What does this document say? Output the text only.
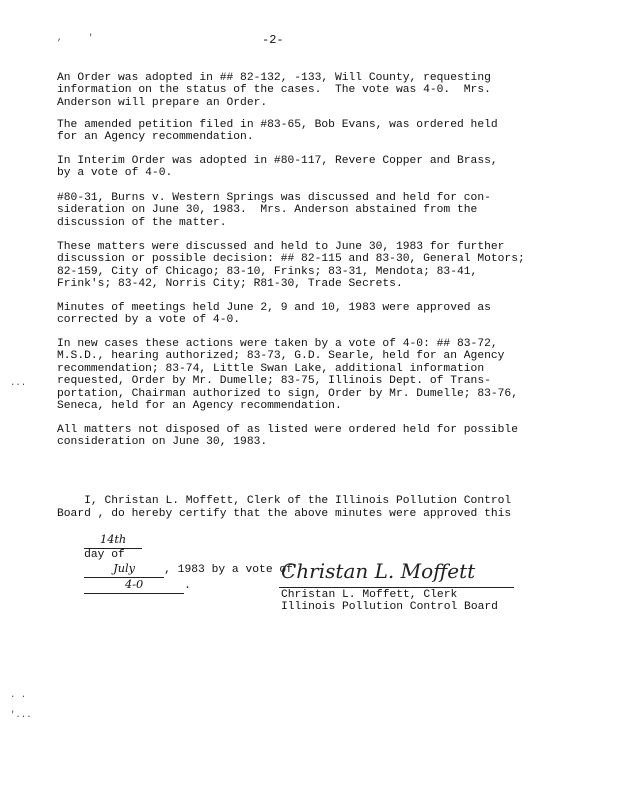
,	'
...
. .
'...
-2-
An Order was adopted in ## 82-132, -133, Will County, requesting
information on the status of the cases.  The vote was 4-0.  Mrs.
Anderson will prepare an Order.
The amended petition filed in #83-65, Bob Evans, was ordered held
for an Agency recommendation.
In Interim Order was adopted in #80-117, Revere Copper and Brass,
by a vote of 4-0.
#80-31, Burns v. Western Springs was discussed and held for con-
sideration on June 30, 1983.  Mrs. Anderson abstained from the
discussion of the matter.
These matters were discussed and held to June 30, 1983 for further
discussion or possible decision: ## 82-115 and 83-30, General Motors;
82-159, City of Chicago; 83-10, Frinks; 83-31, Mendota; 83-41,
Frink's; 83-42, Norris City; R81-30, Trade Secrets.
Minutes of meetings held June 2, 9 and 10, 1983 were approved as
corrected by a vote of 4-0.
In new cases these actions were taken by a vote of 4-0: ## 83-72,
M.S.D., hearing authorized; 83-73, G.D. Searle, held for an Agency
recommendation; 83-74, Little Swan Lake, additional information
requested, Order by Mr. Dumelle; 83-75, Illinois Dept. of Trans-
portation, Chairman authorized to sign, Order by Mr. Dumelle; 83-76,
Seneca, held for an Agency recommendation.
All matters not disposed of as listed were ordered held for possible
consideration on June 30, 1983.
I, Christan L. Moffett, Clerk of the Illinois Pollution Control
Board , do hereby certify that the above minutes were approved this

14th
day of
July	, 1983 by a vote of
4-0	.

Christan L. Moffett
Christan L. Moffett, Clerk
Illinois Pollution Control Board
